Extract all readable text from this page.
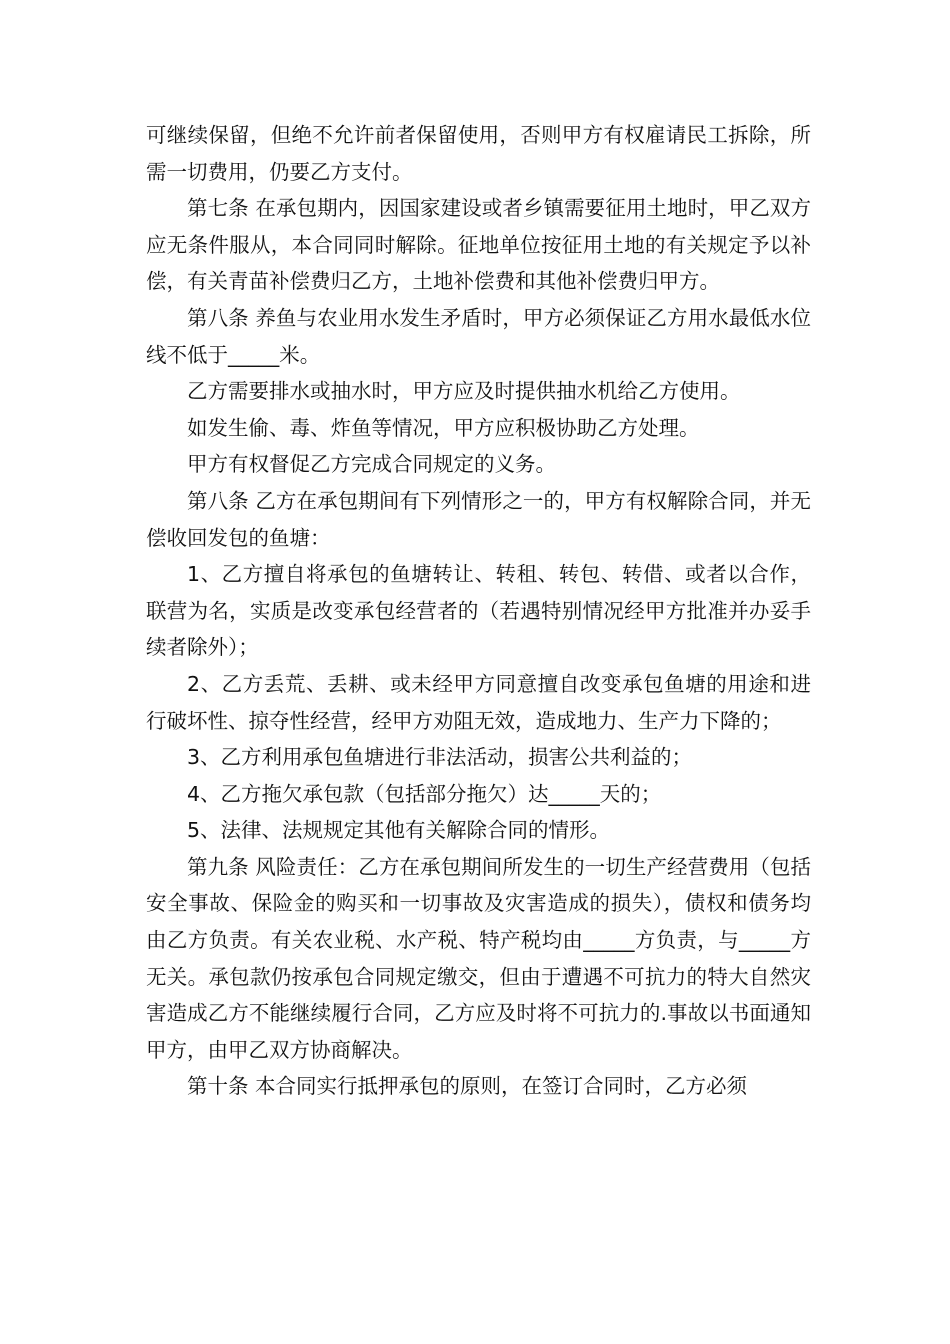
可继续保留，但绝不允许前者保留使用，否则甲方有权雇请民工拆除，所需一切费用，仍要乙方支付。

第七条 在承包期内，因国家建设或者乡镇需要征用土地时，甲乙双方应无条件服从，本合同同时解除。征地单位按征用土地的有关规定予以补偿，有关青苗补偿费归乙方，土地补偿费和其他补偿费归甲方。

第八条 养鱼与农业用水发生矛盾时，甲方必须保证乙方用水最低水位线不低于_____米。

乙方需要排水或抽水时，甲方应及时提供抽水机给乙方使用。

如发生偷、毒、炸鱼等情况，甲方应积极协助乙方处理。

甲方有权督促乙方完成合同规定的义务。

第八条 乙方在承包期间有下列情形之一的，甲方有权解除合同，并无偿收回发包的鱼塘：

1、乙方擅自将承包的鱼塘转让、转租、转包、转借、或者以合作，联营为名，实质是改变承包经营者的（若遇特别情况经甲方批准并办妥手续者除外）；

2、乙方丢荒、丢耕、或未经甲方同意擅自改变承包鱼塘的用途和进行破坏性、掠夺性经营，经甲方劝阻无效，造成地力、生产力下降的；

3、乙方利用承包鱼塘进行非法活动，损害公共利益的；

4、乙方拖欠承包款（包括部分拖欠）达_____天的；

5、法律、法规规定其他有关解除合同的情形。

第九条 风险责任：乙方在承包期间所发生的一切生产经营费用（包括安全事故、保险金的购买和一切事故及灾害造成的损失），债权和债务均由乙方负责。有关农业税、水产税、特产税均由_____方负责，与_____方无关。承包款仍按承包合同规定缴交，但由于遭遇不可抗力的特大自然灾害造成乙方不能继续履行合同，乙方应及时将不可抗力的.事故以书面通知甲方，由甲乙双方协商解决。

第十条 本合同实行抵押承包的原则，在签订合同时，乙方必须
